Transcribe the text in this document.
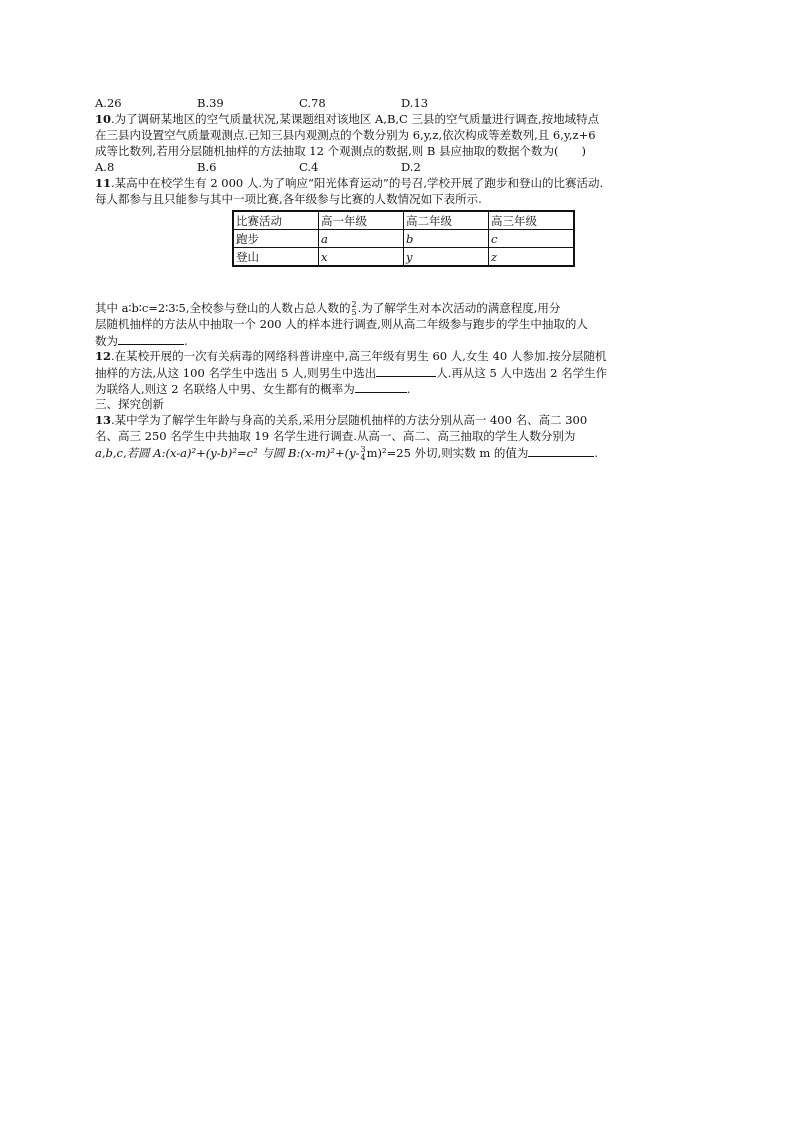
A.26	B.39	C.78	D.13
10.为了调研某地区的空气质量状况,某课题组对该地区 A,B,C 三县的空气质量进行调查,按地域特点
在三县内设置空气质量观测点.已知三县内观测点的个数分别为 6,y,z,依次构成等差数列,且 6,y,z+6
成等比数列,若用分层随机抽样的方法抽取 12 个观测点的数据,则 B 县应抽取的数据个数为(　　)
A.8	B.6	C.4	D.2
11.某高中在校学生有 2 000 人.为了响应“阳光体育运动”的号召,学校开展了跑步和登山的比赛活动.
每人都参与且只能参与其中一项比赛,各年级参与比赛的人数情况如下表所示.
比赛活动	高一年级	高二年级	高三年级
跑步	a	b	c
登山	x	y	z
其中 a∶b∶c=2∶3∶5,全校参与登山的人数占总人数的 2
5 .为了解学生对本次活动的满意程度,用分
层随机抽样的方法从中抽取一个 200 人的样本进行调查,则从高二年级参与跑步的学生中抽取的人
数为	.
12.在某校开展的一次有关病毒的网络科普讲座中,高三年级有男生 60 人,女生 40 人参加.按分层随机
抽样的方法,从这 100 名学生中选出 5 人,则男生中选出	人.再从这 5 人中选出 2 名学生作
为联络人,则这 2 名联络人中男、女生都有的概率为	.
三、探究创新
13.某中学为了解学生年龄与身高的关系,采用分层随机抽样的方法分别从高一 400 名、高二 300
名、高三 250 名学生中共抽取 19 名学生进行调查.从高一、高二、高三抽取的学生人数分别为
a,b,c,若圆 A:(x-a)²+(y-b)²=c² 与圆 B:(x-m)²+(y- 3
4 m)²=25 外切,则实数 m 的值为	.
